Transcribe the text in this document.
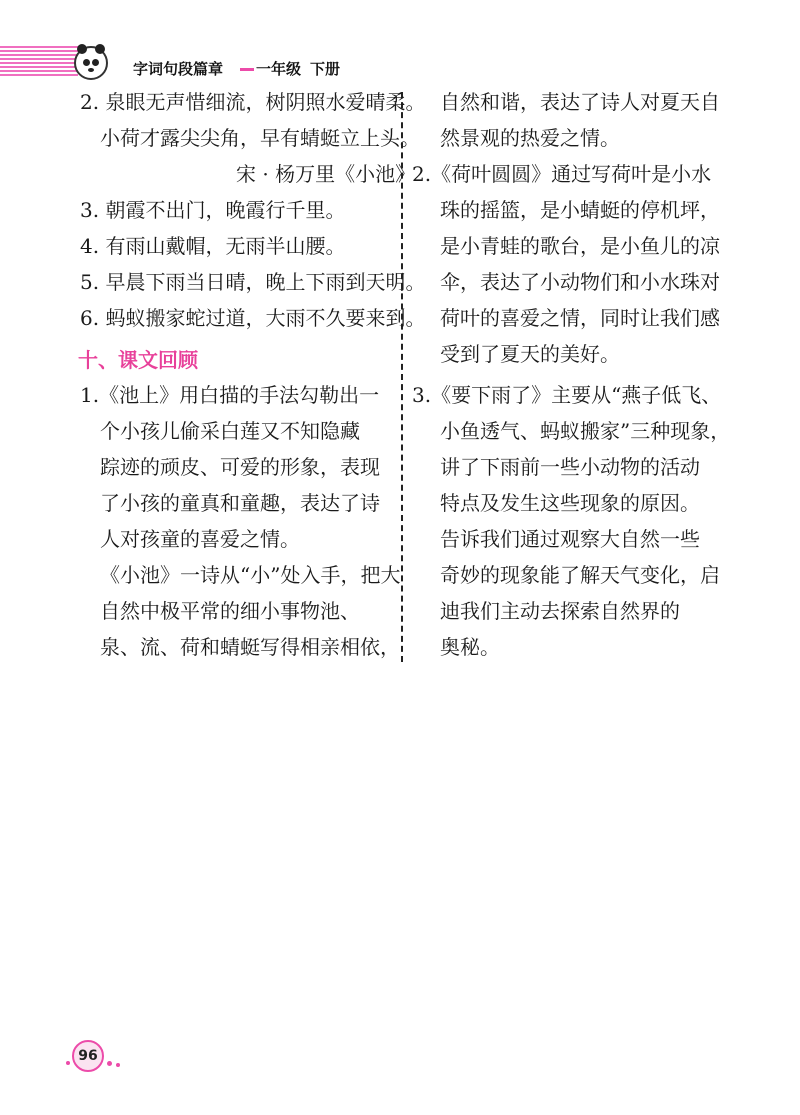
字词句段篇章 一年级 下册
2. 泉眼无声惜细流，树阴照水爱晴柔。
小荷才露尖尖角，早有蜻蜓立上头。
宋 · 杨万里《小池》
3. 朝霞不出门，晚霞行千里。
4. 有雨山戴帽，无雨半山腰。
5. 早晨下雨当日晴，晚上下雨到天明。
6. 蚂蚁搬家蛇过道，大雨不久要来到。
十、课文回顾
1.《池上》用白描的手法勾勒出一
个小孩儿偷采白莲又不知隐藏
踪迹的顽皮、可爱的形象，表现
了小孩的童真和童趣，表达了诗
人对孩童的喜爱之情。
《小池》一诗从“小”处入手，把大
自然中极平常的细小事物池、
泉、流、荷和蜻蜓写得相亲相依，
自然和谐，表达了诗人对夏天自
然景观的热爱之情。
2.《荷叶圆圆》通过写荷叶是小水
珠的摇篮，是小蜻蜓的停机坪，
是小青蛙的歌台，是小鱼儿的凉
伞，表达了小动物们和小水珠对
荷叶的喜爱之情，同时让我们感
受到了夏天的美好。
3.《要下雨了》主要从“燕子低飞、
小鱼透气、蚂蚁搬家”三种现象，
讲了下雨前一些小动物的活动
特点及发生这些现象的原因。
告诉我们通过观察大自然一些
奇妙的现象能了解天气变化，启
迪我们主动去探索自然界的
奥秘。
96
